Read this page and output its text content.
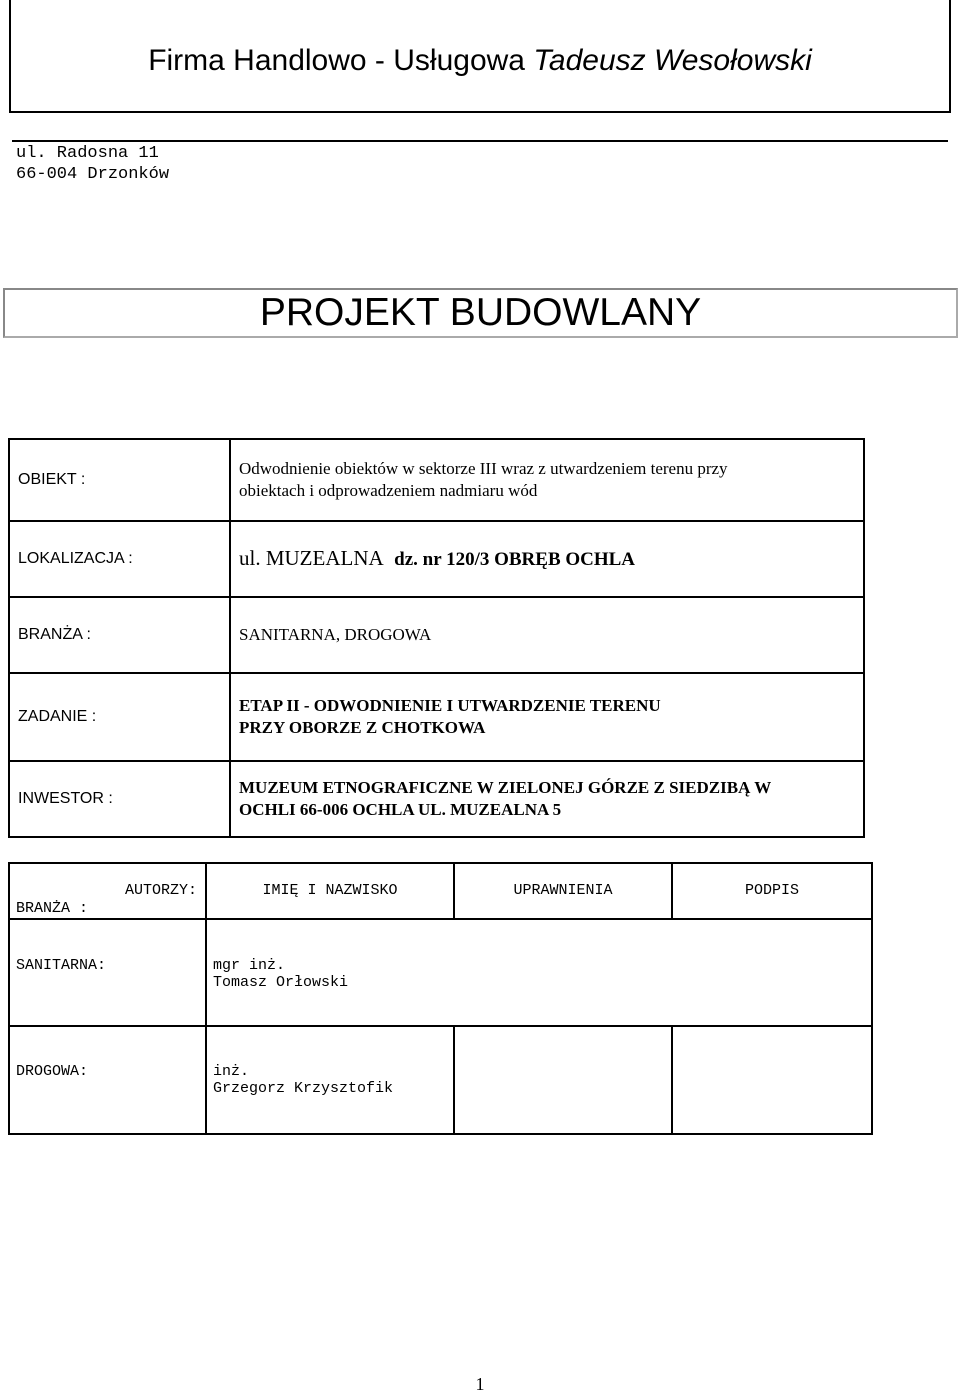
Firma Handlowo - Usługowa Tadeusz Wesołowski
ul. Radosna 11
66-004 Drzonków
PROJEKT BUDOWLANY
OBIEKT :	Odwodnienie obiektów w sektorze III wraz z utwardzeniem terenu przy
obiektach i odprowadzeniem nadmiaru wód
LOKALIZACJA :	ul. MUZEALNA dz. nr 120/3 OBRĘB OCHLA
BRANŻA :	SANITARNA, DROGOWA
ZADANIE :	ETAP II - ODWODNIENIE I UTWARDZENIE TERENU
PRZY OBORZE Z CHOTKOWA
INWESTOR :	MUZEUM ETNOGRAFICZNE W ZIELONEJ GÓRZE Z SIEDZIBĄ W
OCHLI 66-006 OCHLA UL. MUZEALNA 5
AUTORZY:
BRANŻA :	IMIĘ I NAZWISKO	UPRAWNIENIA	PODPIS

SANITARNA:	mgr inż.
Tomasz Orłowski		

DROGOWA:	inż.
Grzegorz Krzysztofik		

1
